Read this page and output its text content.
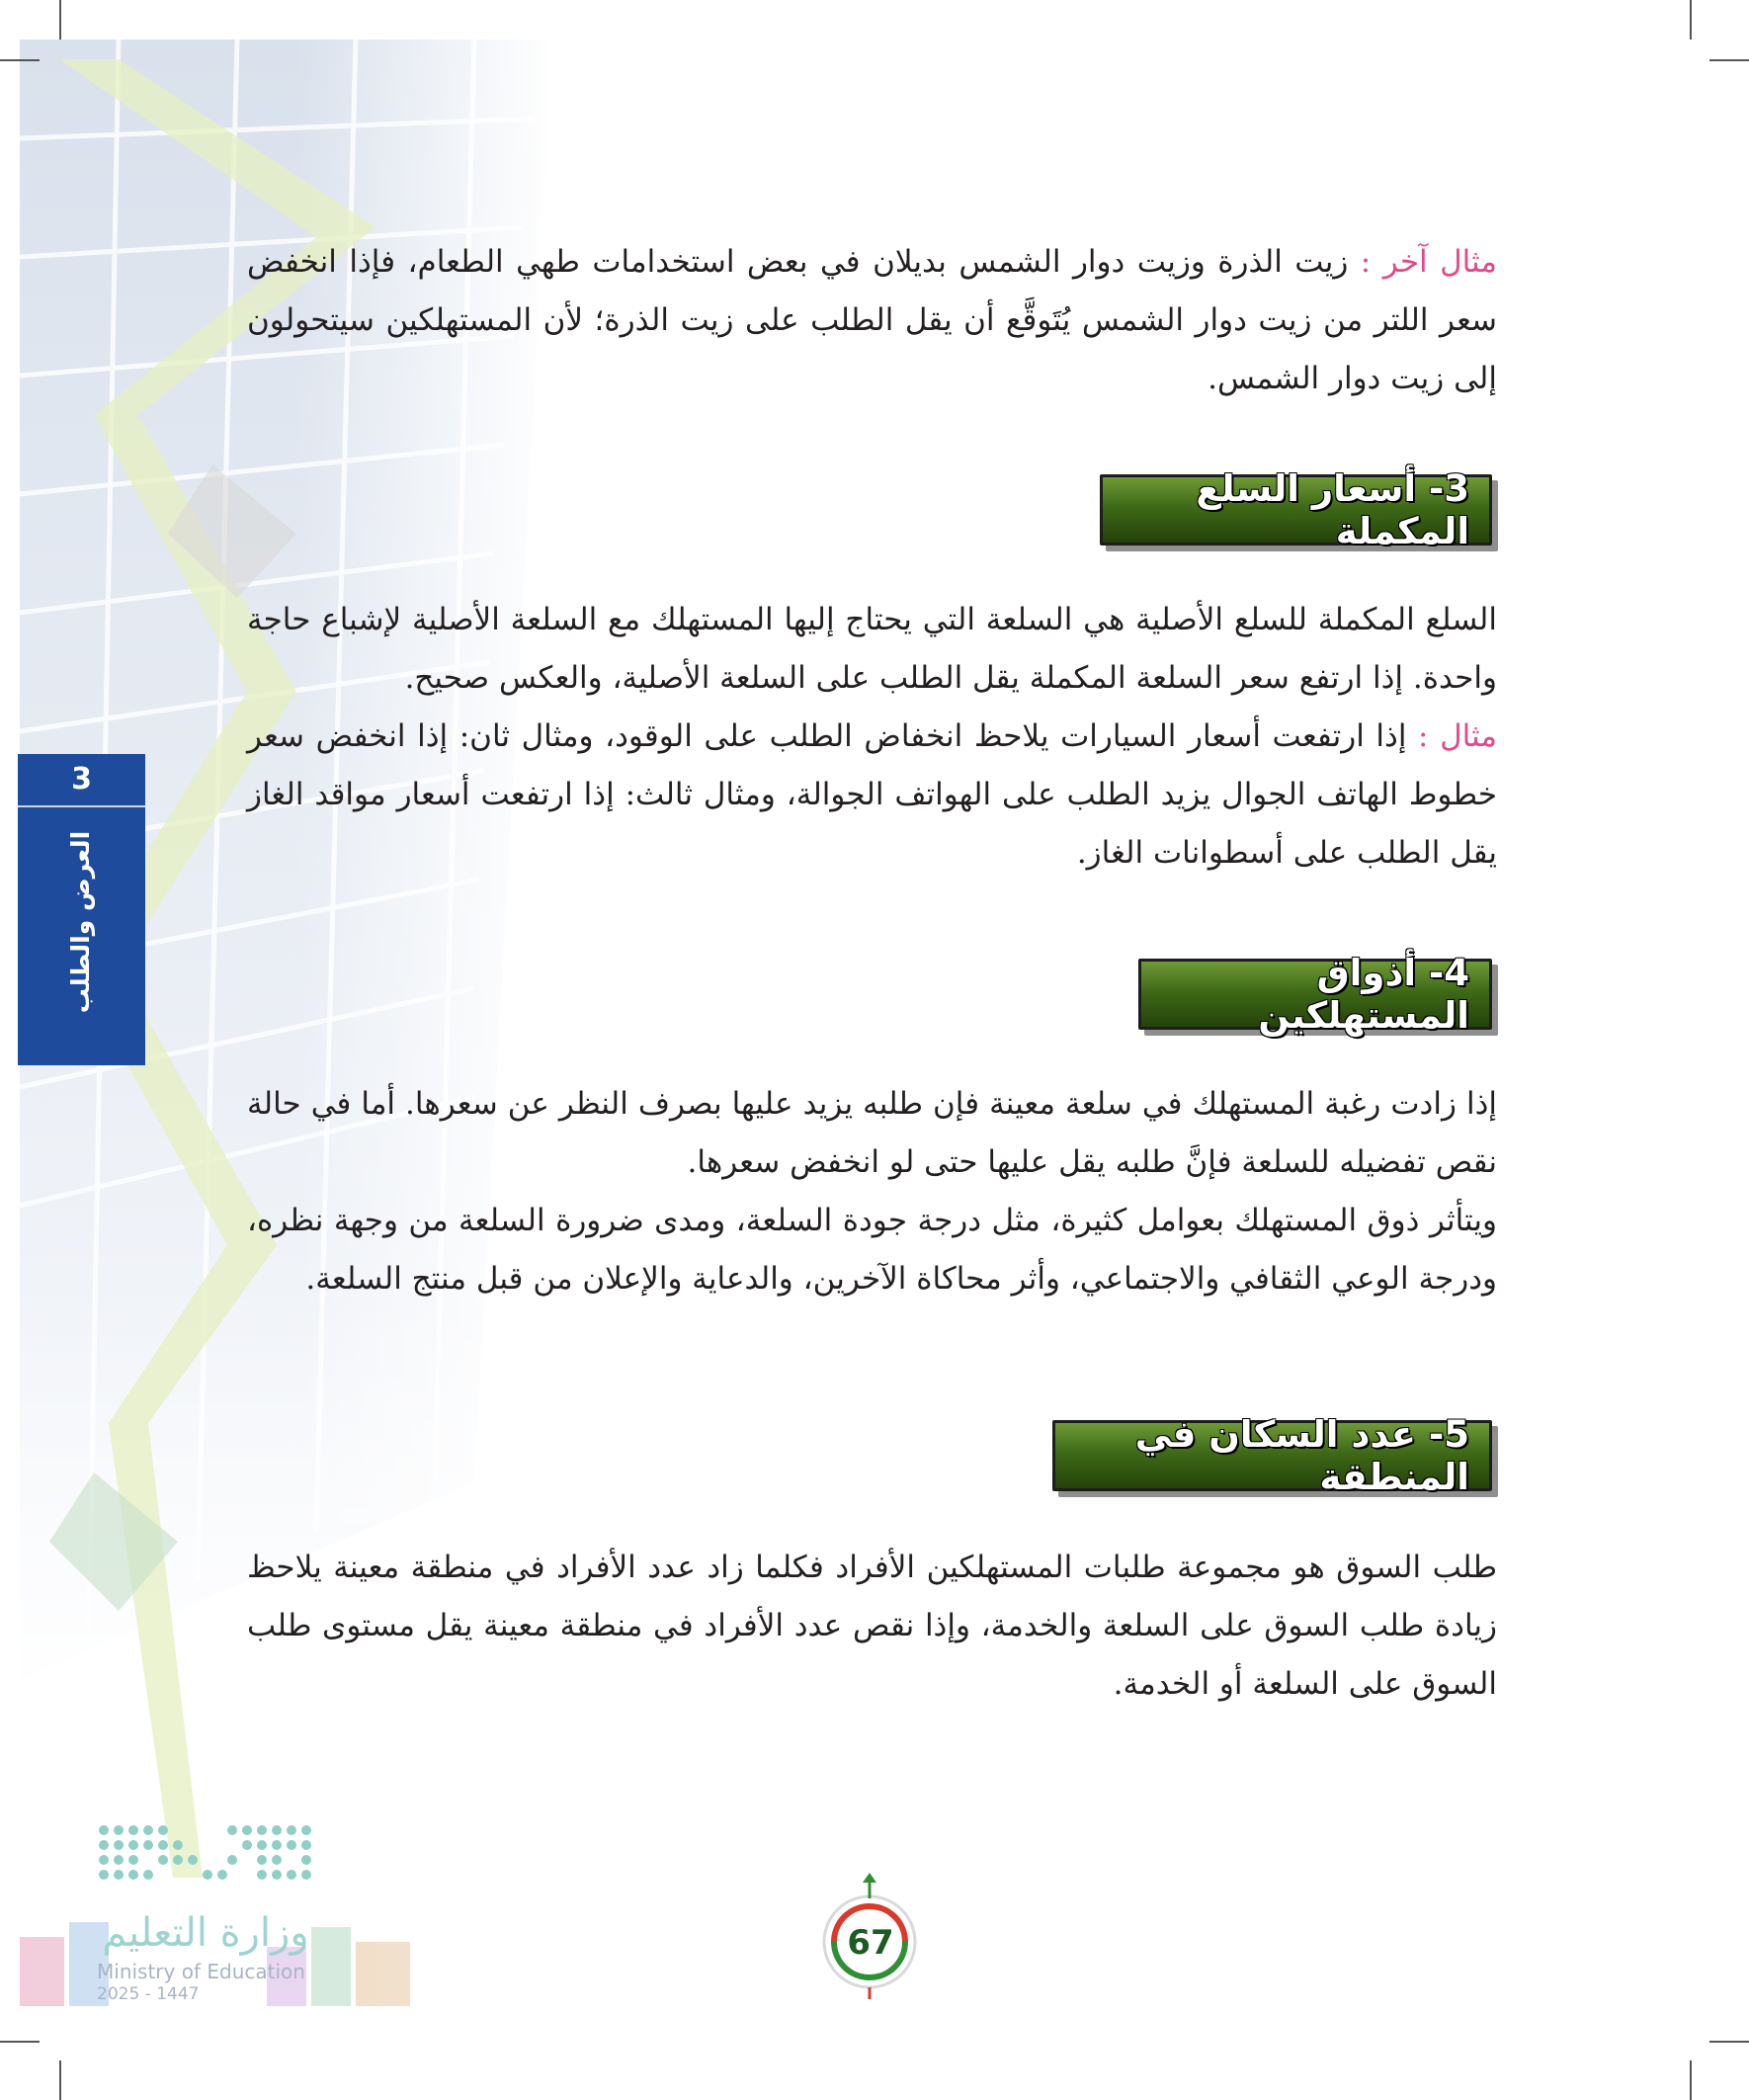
مثال آخر : زيت الذرة وزيت دوار الشمس بديلان في بعض استخدامات طهي الطعام، فإذا انخفض سعر اللتر من زيت دوار الشمس يُتَوقَّع أن يقل الطلب على زيت الذرة؛ لأن المستهلكين سيتحولون إلى زيت دوار الشمس.

3- أسعار السلع المكملة

السلع المكملة للسلع الأصلية هي السلعة التي يحتاج إليها المستهلك مع السلعة الأصلية لإشباع حاجة واحدة. إذا ارتفع سعر السلعة المكملة يقل الطلب على السلعة الأصلية، والعكس صحيح.

مثال : إذا ارتفعت أسعار السيارات يلاحظ انخفاض الطلب على الوقود، ومثال ثان: إذا انخفض سعر خطوط الهاتف الجوال يزيد الطلب على الهواتف الجوالة، ومثال ثالث: إذا ارتفعت أسعار مواقد الغاز يقل الطلب على أسطوانات الغاز.

4- أذواق المستهلكين

إذا زادت رغبة المستهلك في سلعة معينة فإن طلبه يزيد عليها بصرف النظر عن سعرها. أما في حالة نقص تفضيله للسلعة فإنَّ طلبه يقل عليها حتى لو انخفض سعرها.

ويتأثر ذوق المستهلك بعوامل كثيرة، مثل درجة جودة السلعة، ومدى ضرورة السلعة من وجهة نظره، ودرجة الوعي الثقافي والاجتماعي، وأثر محاكاة الآخرين، والدعاية والإعلان من قبل منتج السلعة.

5- عدد السكان في المنطقة

طلب السوق هو مجموعة طلبات المستهلكين الأفراد فكلما زاد عدد الأفراد في منطقة معينة يلاحظ زيادة طلب السوق على السلعة والخدمة، وإذا نقص عدد الأفراد في منطقة معينة يقل مستوى طلب السوق على السلعة أو الخدمة.

3
العرض والطلب
وزارة التعليم
Ministry of Education
2025 - 1447
67
